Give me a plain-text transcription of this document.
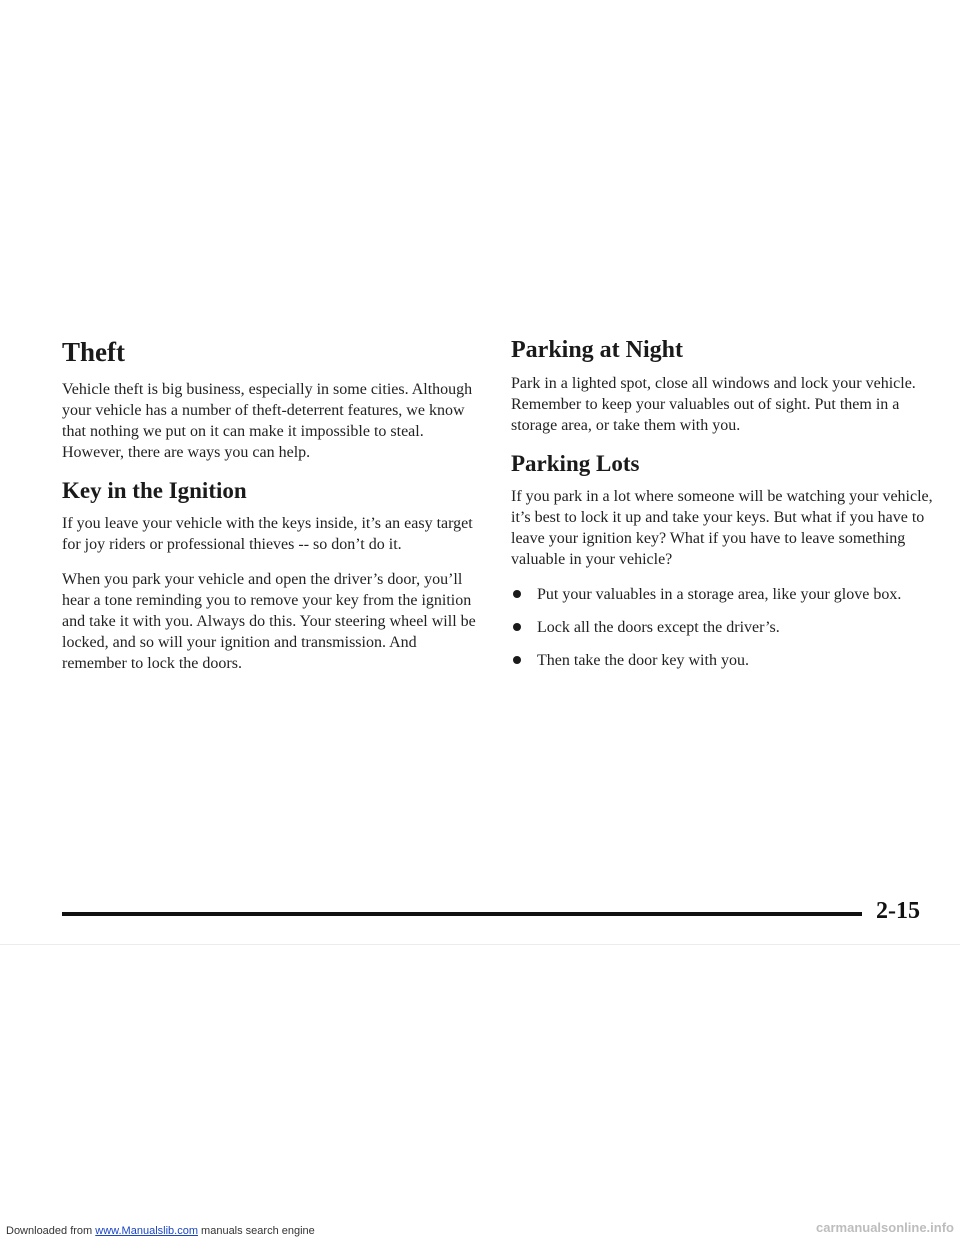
Theft

Vehicle theft is big business, especially in some cities. Although your vehicle has a number of theft-deterrent features, we know that nothing we put on it can make it impossible to steal. However, there are ways you can help.

Key in the Ignition

If you leave your vehicle with the keys inside, it’s an easy target for joy riders or professional thieves -- so don’t do it.

When you park your vehicle and open the driver’s door, you’ll hear a tone reminding you to remove your key from the ignition and take it with you. Always do this. Your steering wheel will be locked, and so will your ignition and transmission. And remember to lock the doors.

Parking at Night

Park in a lighted spot, close all windows and lock your vehicle. Remember to keep your valuables out of sight. Put them in a storage area, or take them with you.

Parking Lots

If you park in a lot where someone will be watching your vehicle, it’s best to lock it up and take your keys. But what if you have to leave your ignition key? What if you have to leave something valuable in your vehicle?

Put your valuables in a storage area, like your glove box.
Lock all the doors except the driver’s.
Then take the door key with you.
2-15
Downloaded from www.Manualslib.com manuals search engine	carmanualsonline.info
